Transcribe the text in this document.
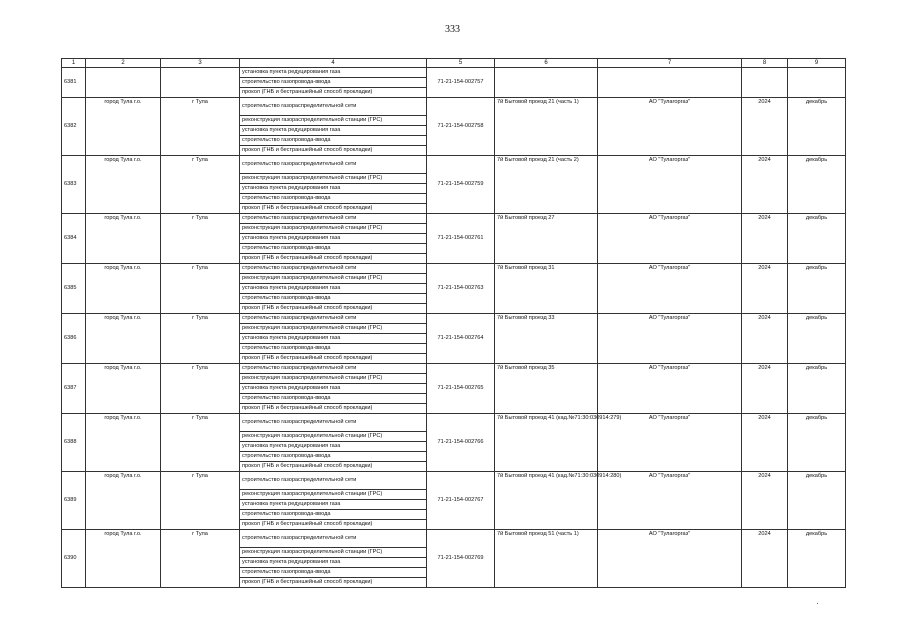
333
1	2	3	4	5	6	7	8	9
6381			установка пункта редуцирования газа	71-21-154-002757				
			строительство газопровода-ввода					
			прокол (ГНБ и бестраншейный способ прокладки)					
6382	город Тула г.о.	г Тула	строительство газораспределительной сети	71-21-154-002758	7й Бытовой проезд 21 (часть 1)	АО "Тулагоргаз"	2024	декабрь
			реконструкция газораспределительной станции (ГРС)					
			установка пункта редуцирования газа					
			строительство газопровода-ввода					
			прокол (ГНБ и бестраншейный способ прокладки)					
6383	город Тула г.о.	г Тула	строительство газораспределительной сети	71-21-154-002759	7й Бытовой проезд 21 (часть 2)	АО "Тулагоргаз"	2024	декабрь
			реконструкция газораспределительной станции (ГРС)					
			установка пункта редуцирования газа					
			строительство газопровода-ввода					
			прокол (ГНБ и бестраншейный способ прокладки)					
6384	город Тула г.о.	г Тула	строительство газораспределительной сети	71-21-154-002761	7й Бытовой проезд 27	АО "Тулагоргаз"	2024	декабрь
			реконструкция газораспределительной станции (ГРС)					
			установка пункта редуцирования газа					
			строительство газопровода-ввода					
			прокол (ГНБ и бестраншейный способ прокладки)					
6385	город Тула г.о.	г Тула	строительство газораспределительной сети	71-21-154-002763	7й Бытовой проезд 31	АО "Тулагоргаз"	2024	декабрь
			реконструкция газораспределительной станции (ГРС)					
			установка пункта редуцирования газа					
			строительство газопровода-ввода					
			прокол (ГНБ и бестраншейный способ прокладки)					
6386	город Тула г.о.	г Тула	строительство газораспределительной сети	71-21-154-002764	7й Бытовой проезд 33	АО "Тулагоргаз"	2024	декабрь
			реконструкция газораспределительной станции (ГРС)					
			установка пункта редуцирования газа					
			строительство газопровода-ввода					
			прокол (ГНБ и бестраншейный способ прокладки)					
6387	город Тула г.о.	г Тула	строительство газораспределительной сети	71-21-154-002765	7й Бытовой проезд 35	АО "Тулагоргаз"	2024	декабрь
			реконструкция газораспределительной станции (ГРС)					
			установка пункта редуцирования газа					
			строительство газопровода-ввода					
			прокол (ГНБ и бестраншейный способ прокладки)					
6388	город Тула г.о.	г Тула	строительство газораспределительной сети	71-21-154-002766	7й Бытовой проезд 41 (кад.№71:30:030914:279)	АО "Тулагоргаз"	2024	декабрь
			реконструкция газораспределительной станции (ГРС)					
			установка пункта редуцирования газа					
			строительство газопровода-ввода					
			прокол (ГНБ и бестраншейный способ прокладки)					
6389	город Тула г.о.	г Тула	строительство газораспределительной сети	71-21-154-002767	7й Бытовой проезд 41 (кад.№71:30:030914:280)	АО "Тулагоргаз"	2024	декабрь
			реконструкция газораспределительной станции (ГРС)					
			установка пункта редуцирования газа					
			строительство газопровода-ввода					
			прокол (ГНБ и бестраншейный способ прокладки)					
6390	город Тула г.о.	г Тула	строительство газораспределительной сети	71-21-154-002769	7й Бытовой проезд 51 (часть 1)	АО "Тулагоргаз"	2024	декабрь
			реконструкция газораспределительной станции (ГРС)					
			установка пункта редуцирования газа					
			строительство газопровода-ввода					
			прокол (ГНБ и бестраншейный способ прокладки)					
